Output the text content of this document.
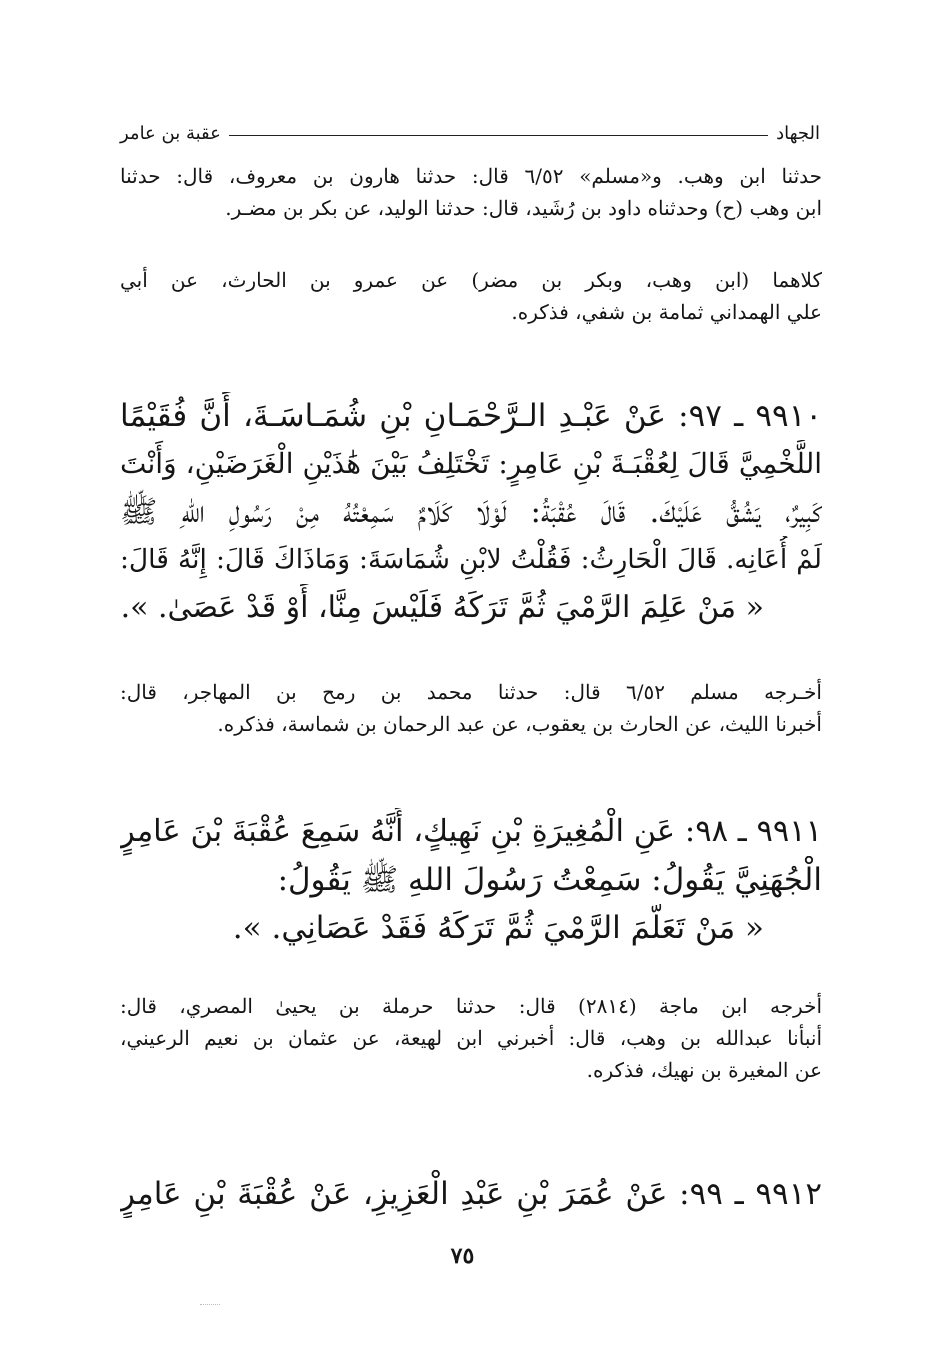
الجهاد
عقبة بن عامر
حدثنا ابن وهب. و«مسلم» ٦/٥٢ قال: حدثنا هارون بن معروف، قال: حدثنا
ابن وهب (ح) وحدثناه داود بن رُشَيد، قال: حدثنا الوليد، عن بكر بن مضـر.
كلاهما (ابن وهب، وبكر بن مضر) عن عمرو بن الحارث، عن أبي
علي الهمداني ثمامة بن شفي، فذكره.
٩٩١٠ ـ ٩٧: عَنْ عَبْـدِ الـرَّحْمَـانِ بْنِ شُمَـاسَـةَ، أَنَّ فُقَيْمًا
اللَّخْمِيَّ قَالَ لِعُقْبَـةَ بْنِ عَامِرٍ: تَخْتَلِفُ بَيْنَ هَٰذَيْنِ الْغَرَضَيْنِ، وَأَنْتَ
كَبِيرٌ، يَشُقُّ عَلَيْكَ. قَالَ عُقْبَةُ: لَوْلَا كَلَامٌ سَمِعْتُهُ مِنْ رَسُولِ اللهِ ﷺ
لَمْ أُعَانِه. قَالَ الْحَارِثُ: فَقُلْتُ لابْنِ شُمَاسَةَ: وَمَاذَاكَ قَالَ: إِنَّهُ قَالَ:
« مَنْ عَلِمَ الرَّمْيَ ثُمَّ تَرَكَهُ فَلَيْسَ مِنَّا، أَوْ قَدْ عَصَىٰ. ».
أخـرجه مسلم ٦/٥٢ قال: حدثنا محمد بن رمح بن المهاجر، قال:
أخبرنا الليث، عن الحارث بن يعقوب، عن عبد الرحمان بن شماسة، فذكره.
٩٩١١ ـ ٩٨: عَنِ الْمُغِيرَةِ بْنِ نَهِيكٍ، أَنَّهُ سَمِعَ عُقْبَةَ بْنَ عَامِرٍ
الْجُهَنِيَّ يَقُولُ: سَمِعْتُ رَسُولَ اللهِ ﷺ يَقُولُ:
« مَنْ تَعَلَّمَ الرَّمْيَ ثُمَّ تَرَكَهُ فَقَدْ عَصَانِي. ».
أخرجه ابن ماجة (٢٨١٤) قال: حدثنا حرملة بن يحيىٰ المصري، قال:
أنبأنا عبدالله بن وهب، قال: أخبرني ابن لهيعة، عن عثمان بن نعيم الرعيني،
عن المغيرة بن نهيك، فذكره.
٩٩١٢ ـ ٩٩: عَنْ عُمَرَ بْنِ عَبْدِ الْعَزِيزِ، عَنْ عُقْبَةَ بْنِ عَامِرٍ
٧٥
